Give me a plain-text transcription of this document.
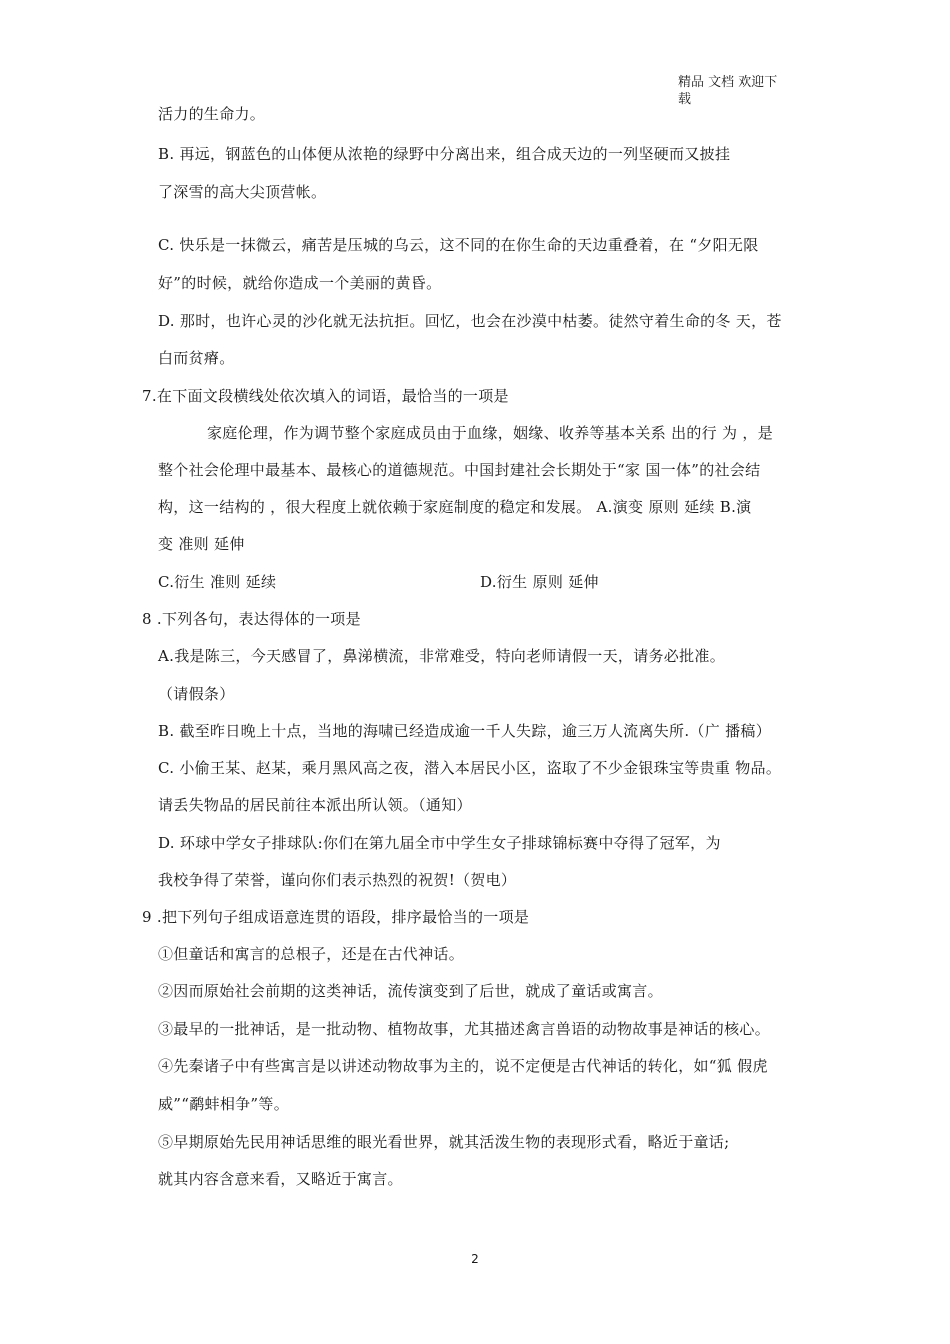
精品 文档 欢迎下
载
活力的生命力。
B. 再远，钢蓝色的山体便从浓艳的绿野中分离出来，组合成天边的一列坚硬而又披挂
了深雪的高大尖顶营帐。
C. 快乐是一抹微云，痛苦是压城的乌云，这不同的在你生命的天边重叠着，在 “夕阳无限
好”的时候，就给你造成一个美丽的黄昏。
D. 那时，也许心灵的沙化就无法抗拒。回忆，也会在沙漠中枯萎。徒然守着生命的冬 天，苍
白而贫瘠。
7.在下面文段横线处依次填入的词语，最恰当的一项是
家庭伦理，作为调节整个家庭成员由于血缘，姻缘、收养等基本关系 出的行 为 ，是
整个社会伦理中最基本、最核心的道德规范。中国封建社会长期处于“家 国一体”的社会结
构，这一结构的 ，很大程度上就依赖于家庭制度的稳定和发展。 A.演变 原则 延续 B.演
变 准则 延伸
C.衍生 准则 延续	D.衍生 原则 延伸
8 .下列各句，表达得体的一项是
A.我是陈三，今天感冒了，鼻涕横流，非常难受，特向老师请假一天，请务必批准。
（请假条）
B. 截至昨日晚上十点，当地的海啸已经造成逾一千人失踪，逾三万人流离失所.（广 播稿）
C. 小偷王某、赵某，乘月黑风高之夜，潜入本居民小区，盗取了不少金银珠宝等贵重 物品。
请丢失物品的居民前往本派出所认领。（通知）
D. 环球中学女子排球队:你们在第九届全市中学生女子排球锦标赛中夺得了冠军，为
我校争得了荣誉，谨向你们表示热烈的祝贺!（贺电）
9 .把下列句子组成语意连贯的语段，排序最恰当的一项是
①但童话和寓言的总根子，还是在古代神话。
②因而原始社会前期的这类神话，流传演变到了后世，就成了童话或寓言。
③最早的一批神话，是一批动物、植物故事，尤其描述禽言兽语的动物故事是神话的核心。
④先秦诸子中有些寓言是以讲述动物故事为主的，说不定便是古代神话的转化，如“狐 假虎
威”“鹬蚌相争”等。
⑤早期原始先民用神话思维的眼光看世界，就其活泼生物的表现形式看，略近于童话;
就其内容含意来看，又略近于寓言。
2
